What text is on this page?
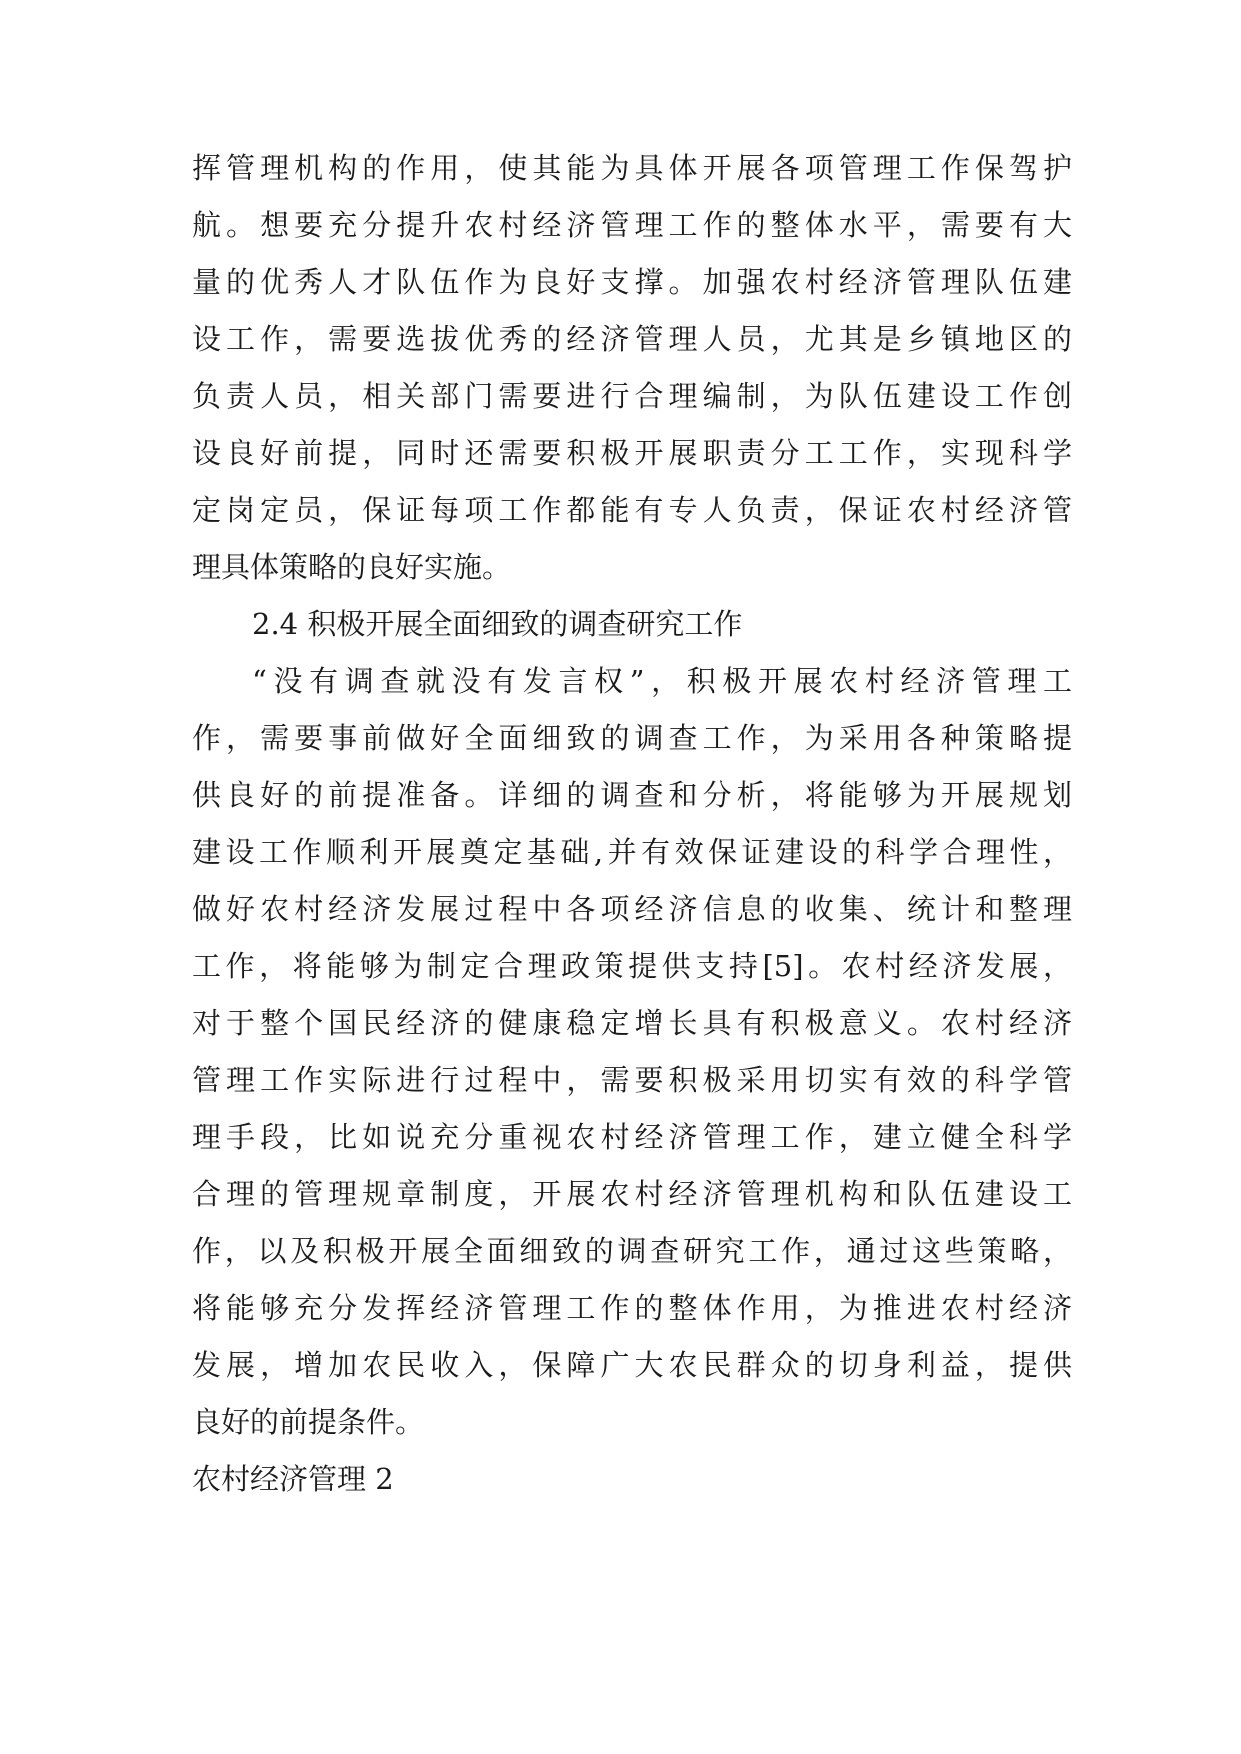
挥管理机构的作用，使其能为具体开展各项管理工作保驾护

航。想要充分提升农村经济管理工作的整体水平，需要有大

量的优秀人才队伍作为良好支撑。加强农村经济管理队伍建

设工作，需要选拔优秀的经济管理人员，尤其是乡镇地区的

负责人员，相关部门需要进行合理编制，为队伍建设工作创

设良好前提，同时还需要积极开展职责分工工作，实现科学

定岗定员，保证每项工作都能有专人负责，保证农村经济管

理具体策略的良好实施。

2.4 积极开展全面细致的调查研究工作

“没有调查就没有发言权”，积极开展农村经济管理工

作，需要事前做好全面细致的调查工作，为采用各种策略提

供良好的前提准备。详细的调查和分析，将能够为开展规划

建设工作顺利开展奠定基础,并有效保证建设的科学合理性，

做好农村经济发展过程中各项经济信息的收集、统计和整理

工作，将能够为制定合理政策提供支持[5]。农村经济发展，

对于整个国民经济的健康稳定增长具有积极意义。农村经济

管理工作实际进行过程中，需要积极采用切实有效的科学管

理手段，比如说充分重视农村经济管理工作，建立健全科学

合理的管理规章制度，开展农村经济管理机构和队伍建设工

作，以及积极开展全面细致的调查研究工作，通过这些策略，

将能够充分发挥经济管理工作的整体作用，为推进农村经济

发展，增加农民收入，保障广大农民群众的切身利益，提供

良好的前提条件。

农村经济管理 2
